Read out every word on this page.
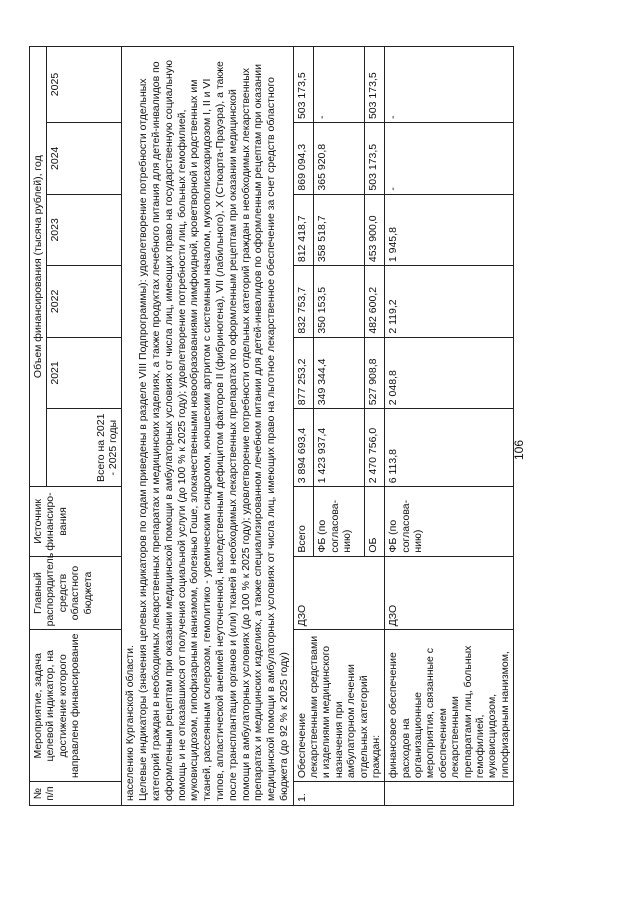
106
№ п/п	Мероприятие, задача целевой индикатор, на достижение которого направлено финансирование	Главный распорядитель средств областного бюджета	Источник финансиро-вания	Объем финансирования (тысяча рублей), год					
				Всего на 2021 - 2025 годы	2021	2022	2023	2024	2025
населению Курганской области.
Целевые индикаторы (значения целевых индикаторов по годам приведены в разделе VIII Подпрограммы): удовлетворение потребности отдельных категорий граждан в необходимых лекарственных препаратах и медицинских изделиях, а также продуктах лечебного питания для детей-инвалидов по оформленным рецептам при оказании медицинской помощи в амбулаторных условиях от числа лиц, имеющих право на государственную социальную помощь и не отказавшихся от получения социальной услуги (до 100 % к 2025 году); удовлетворение потребности лиц, больных гемофилией, муковисцидозом, гипофизарным нанизмом, болезнью Гоше, злокачественными новообразованиями лимфоидной, кроветворной и родственных им тканей, рассеянным склерозом, гемолитико - уремическим синдромом, юношеским артритом с системным началом, мукополисахаридозом I, II и VI типов, апластической анемией неуточненной, наследственным дефицитом факторов II (фибриногена), VII (лабильного), X (Стюарта-Прауэра), а также после трансплантации органов и (или) тканей в необходимых лекарственных препаратах по оформленным рецептам при оказании медицинской помощи в амбулаторных условиях (до 100 % к 2025 году); удовлетворение потребности отдельных категорий граждан в необходимых лекарственных препаратах и медицинских изделиях, а также специализированном лечебном питании для детей-инвалидов по оформленным рецептам при оказании медицинской помощи в амбулаторных условиях от числа лиц, имеющих право на льготное лекарственное обеспечение за счет средств областного бюджета (до 92 % к 2025 году)									
1.	Обеспечение лекарственными средствами и изделиями медицинского назначения при амбулаторном лечении отдельных категорий граждан:	ДЗО	Всего	3 894 693,4	877 253,2	832 753,7	812 418,7	869 094,3	503 173,5
			ФБ (по согласова-нию)	1 423 937,4	349 344,4	350 153,5	358 518,7	365 920,8	-
			ОБ	2 470 756,0	527 908,8	482 600,2	453 900,0	503 173,5	503 173,5
	финансовое обеспечение расходов на организационные мероприятия, связанные с обеспечением лекарственными препаратами лиц, больных гемофилией, муковисцидозом, гипофизарным нанизмом,	ДЗО	ФБ (по согласова-нию)	6 113,8	2 048,8	2 119,2	1 945,8	-	-
